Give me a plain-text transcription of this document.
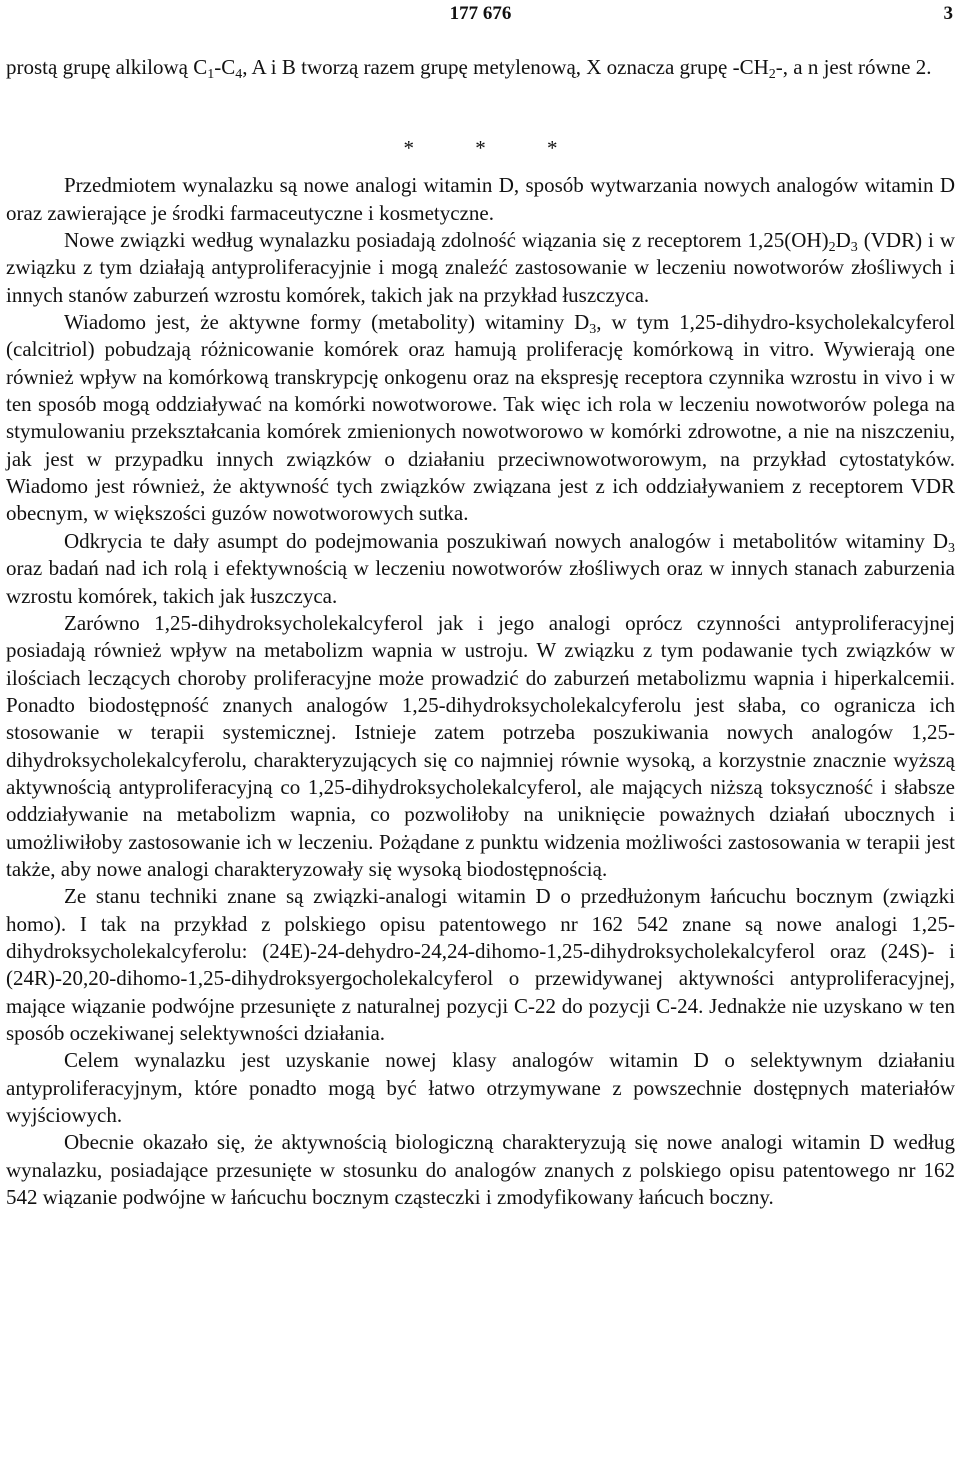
177 676	3

prostą grupę alkilową $C_1-C_4$, A i B tworzą razem grupę metylenową, X oznacza grupę $-CH_2-$, a n jest równe 2.

* * *

Przedmiotem wynalazku są nowe analogi witamin D, sposób wytwarzania nowych analogów witamin D oraz zawierające je środki farmaceutyczne i kosmetyczne.

Nowe związki według wynalazku posiadają zdolność wiązania się z receptorem $1,25(OH)_2D_3$ (VDR) i w związku z tym działają antyproliferacyjnie i mogą znaleźć zastosowanie w leczeniu nowotworów złośliwych i innych stanów zaburzeń wzrostu komórek, takich jak na przykład łuszczyca.

Wiadomo jest, że aktywne formy (metabolity) witaminy $D_3$, w tym 1,25-dihydro-ksycholekalcyferol (calcitriol) pobudzają różnicowanie komórek oraz hamują proliferację komórkową in vitro. Wywierają one również wpływ na komórkową transkrypcję onkogenu oraz na ekspresję receptora czynnika wzrostu in vivo i w ten sposób mogą oddziaływać na komórki nowotworowe. Tak więc ich rola w leczeniu nowotworów polega na stymulowaniu przekształcania komórek zmienionych nowotworowo w komórki zdrowotne, a nie na niszczeniu, jak jest w przypadku innych związków o działaniu przeciwnowotworowym, na przykład cytostatyków. Wiadomo jest również, że aktywność tych związków związana jest z ich oddziaływaniem z receptorem VDR obecnym, w większości guzów nowotworowych sutka.

Odkrycia te dały asumpt do podejmowania poszukiwań nowych analogów i metabolitów witaminy $D_3$ oraz badań nad ich rolą i efektywnością w leczeniu nowotworów złośliwych oraz w innych stanach zaburzenia wzrostu komórek, takich jak łuszczyca.

Zarówno 1,25-dihydroksycholekalcyferol jak i jego analogi oprócz czynności antyproliferacyjnej posiadają również wpływ na metabolizm wapnia w ustroju. W związku z tym podawanie tych związków w ilościach leczących choroby proliferacyjne może prowadzić do zaburzeń metabolizmu wapnia i hiperkalcemii. Ponadto biodostępność znanych analogów 1,25-dihydroksycholekalcyferolu jest słaba, co ogranicza ich stosowanie w terapii systemicznej. Istnieje zatem potrzeba poszukiwania nowych analogów 1,25-dihydroksycholekalcyferolu, charakteryzujących się co najmniej równie wysoką, a korzystnie znacznie wyższą aktywnością antyproliferacyjną co 1,25-dihydroksycholekalcyferol, ale mających niższą toksyczność i słabsze oddziaływanie na metabolizm wapnia, co pozwoliłoby na uniknięcie poważnych działań ubocznych i umożliwiłoby zastosowanie ich w leczeniu. Pożądane z punktu widzenia możliwości zastosowania w terapii jest także, aby nowe analogi charakteryzowały się wysoką biodostępnością.

Ze stanu techniki znane są związki-analogi witamin D o przedłużonym łańcuchu bocznym (związki homo). I tak na przykład z polskiego opisu patentowego nr 162 542 znane są nowe analogi 1,25-dihydroksycholekalcyferolu: (24E)-24-dehydro-24,24-dihomo-1,25-dihydroksycholekalcyferol oraz (24S)- i (24R)-20,20-dihomo-1,25-dihydroksyergocholekalcyferol o przewidywanej aktywności antyproliferacyjnej, mające wiązanie podwójne przesunięte z naturalnej pozycji C-22 do pozycji C-24. Jednakże nie uzyskano w ten sposób oczekiwanej selektywności działania.

Celem wynalazku jest uzyskanie nowej klasy analogów witamin D o selektywnym działaniu antyproliferacyjnym, które ponadto mogą być łatwo otrzymywane z powszechnie dostępnych materiałów wyjściowych.

Obecnie okazało się, że aktywnością biologiczną charakteryzują się nowe analogi witamin D według wynalazku, posiadające przesunięte w stosunku do analogów znanych z polskiego opisu patentowego nr 162 542 wiązanie podwójne w łańcuchu bocznym cząsteczki i zmodyfikowany łańcuch boczny.
